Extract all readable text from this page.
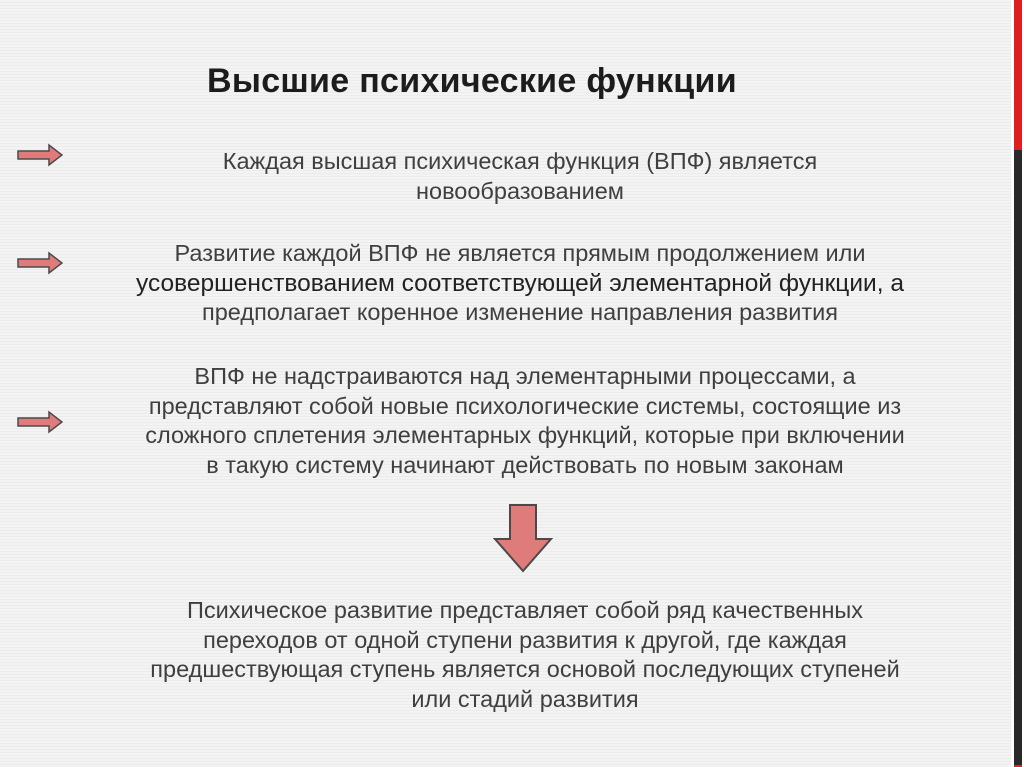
Высшие психические функции
Каждая высшая психическая функция (ВПФ) является
новообразованием
Развитие каждой ВПФ не является прямым продолжением или
усовершенствованием соответствующей элементарной функции, а
предполагает коренное изменение направления развития
ВПФ не надстраиваются над элементарными процессами, а
представляют собой новые психологические системы, состоящие из
сложного сплетения элементарных функций, которые при включении
в такую систему начинают действовать по новым законам
Психическое развитие представляет собой ряд качественных
переходов от одной ступени развития к другой, где каждая
предшествующая ступень является основой последующих ступеней
или стадий развития
